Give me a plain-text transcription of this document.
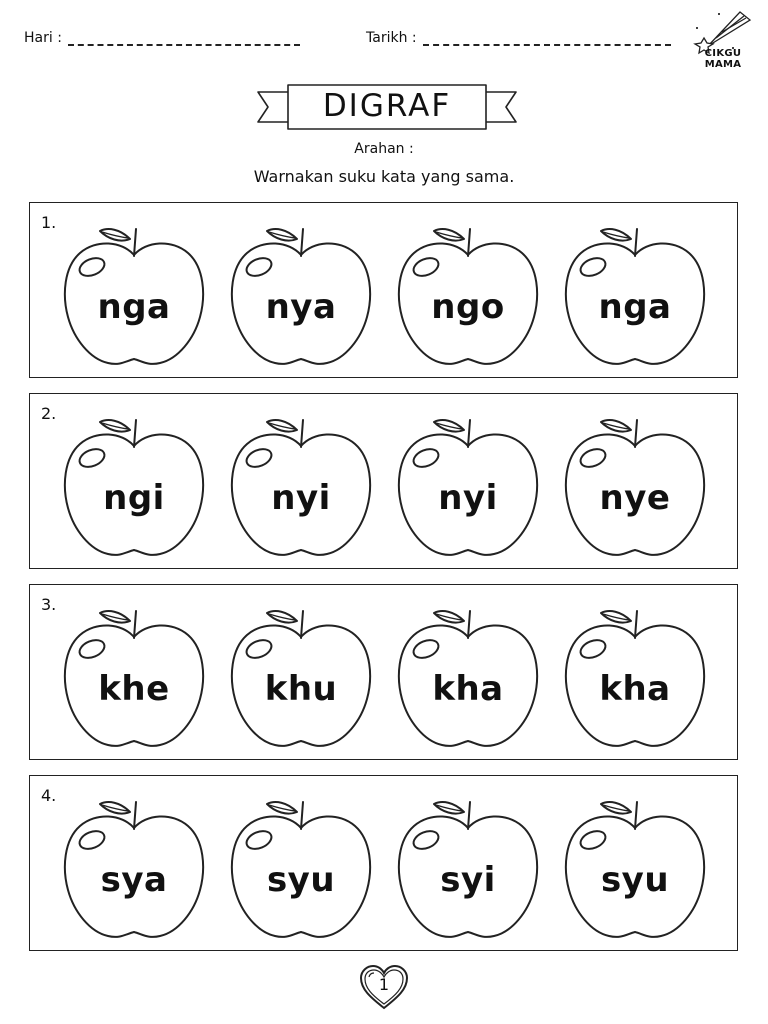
Hari :	Tarikh :
CIKGU MAMA
DIGRAF
Arahan :
Warnakan suku kata yang sama.
1.
nga	nya	ngo	nga
2.
ngi	nyi	nyi	nye
3.
khe	khu	kha	kha
4.
sya	syu	syi	syu
1
